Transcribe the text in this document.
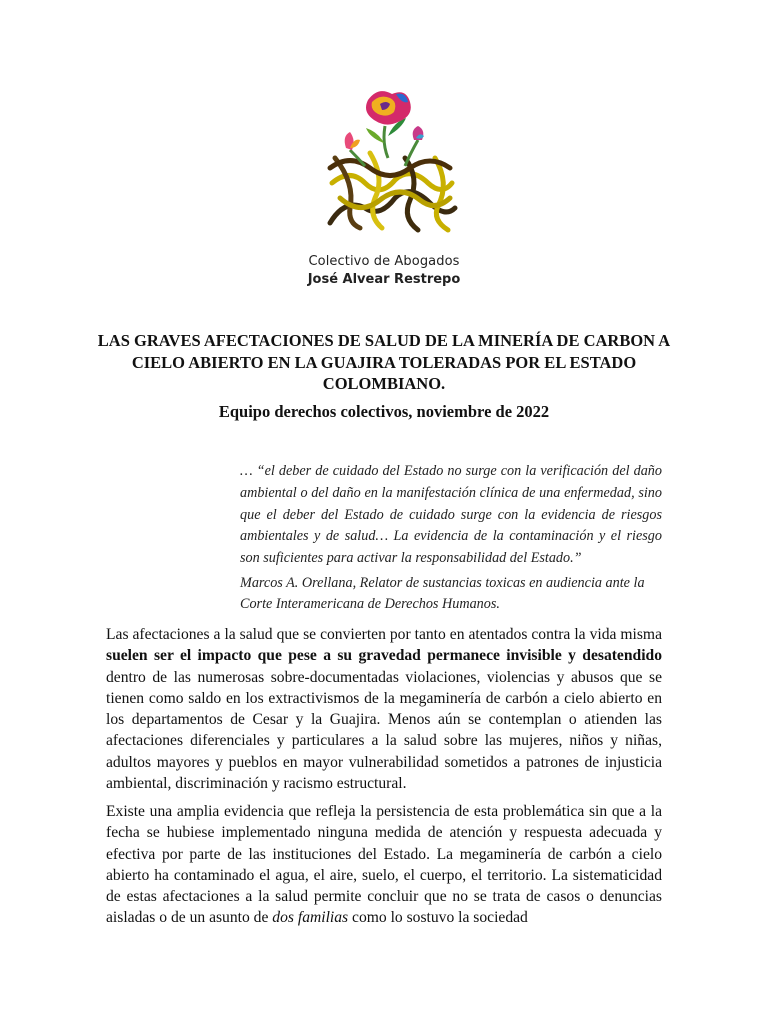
Colectivo de Abogados
José Alvear Restrepo
LAS GRAVES AFECTACIONES DE SALUD DE LA MINERÍA DE CARBON A
CIELO ABIERTO EN LA GUAJIRA TOLERADAS POR EL ESTADO
COLOMBIANO.
Equipo derechos colectivos, noviembre de 2022
… “el deber de cuidado del Estado no surge con la verificación del daño ambiental o del daño en la manifestación clínica de una enfermedad, sino que el deber del Estado de cuidado surge con la evidencia de riesgos ambientales y de salud… La evidencia de la contaminación y el riesgo son suficientes para activar la responsabilidad del Estado.”
Marcos A. Orellana, Relator de sustancias toxicas en audiencia ante la Corte Interamericana de Derechos Humanos.
Las afectaciones a la salud que se convierten por tanto en atentados contra la vida misma suelen ser el impacto que pese a su gravedad permanece invisible y desatendido dentro de las numerosas sobre-documentadas violaciones, violencias y abusos que se tienen como saldo en los extractivismos de la megaminería de carbón a cielo abierto en los departamentos de Cesar y la Guajira. Menos aún se contemplan o atienden las afectaciones diferenciales y particulares a la salud sobre las mujeres, niños y niñas, adultos mayores y pueblos en mayor vulnerabilidad sometidos a patrones de injusticia ambiental, discriminación y racismo estructural.
Existe una amplia evidencia que refleja la persistencia de esta problemática sin que a la fecha se hubiese implementado ninguna medida de atención y respuesta adecuada y efectiva por parte de las instituciones del Estado. La megaminería de carbón a cielo abierto ha contaminado el agua, el aire, suelo, el cuerpo, el territorio. La sistematicidad de estas afectaciones a la salud permite concluir que no se trata de casos o denuncias aisladas o de un asunto de dos familias como lo sostuvo la sociedad
